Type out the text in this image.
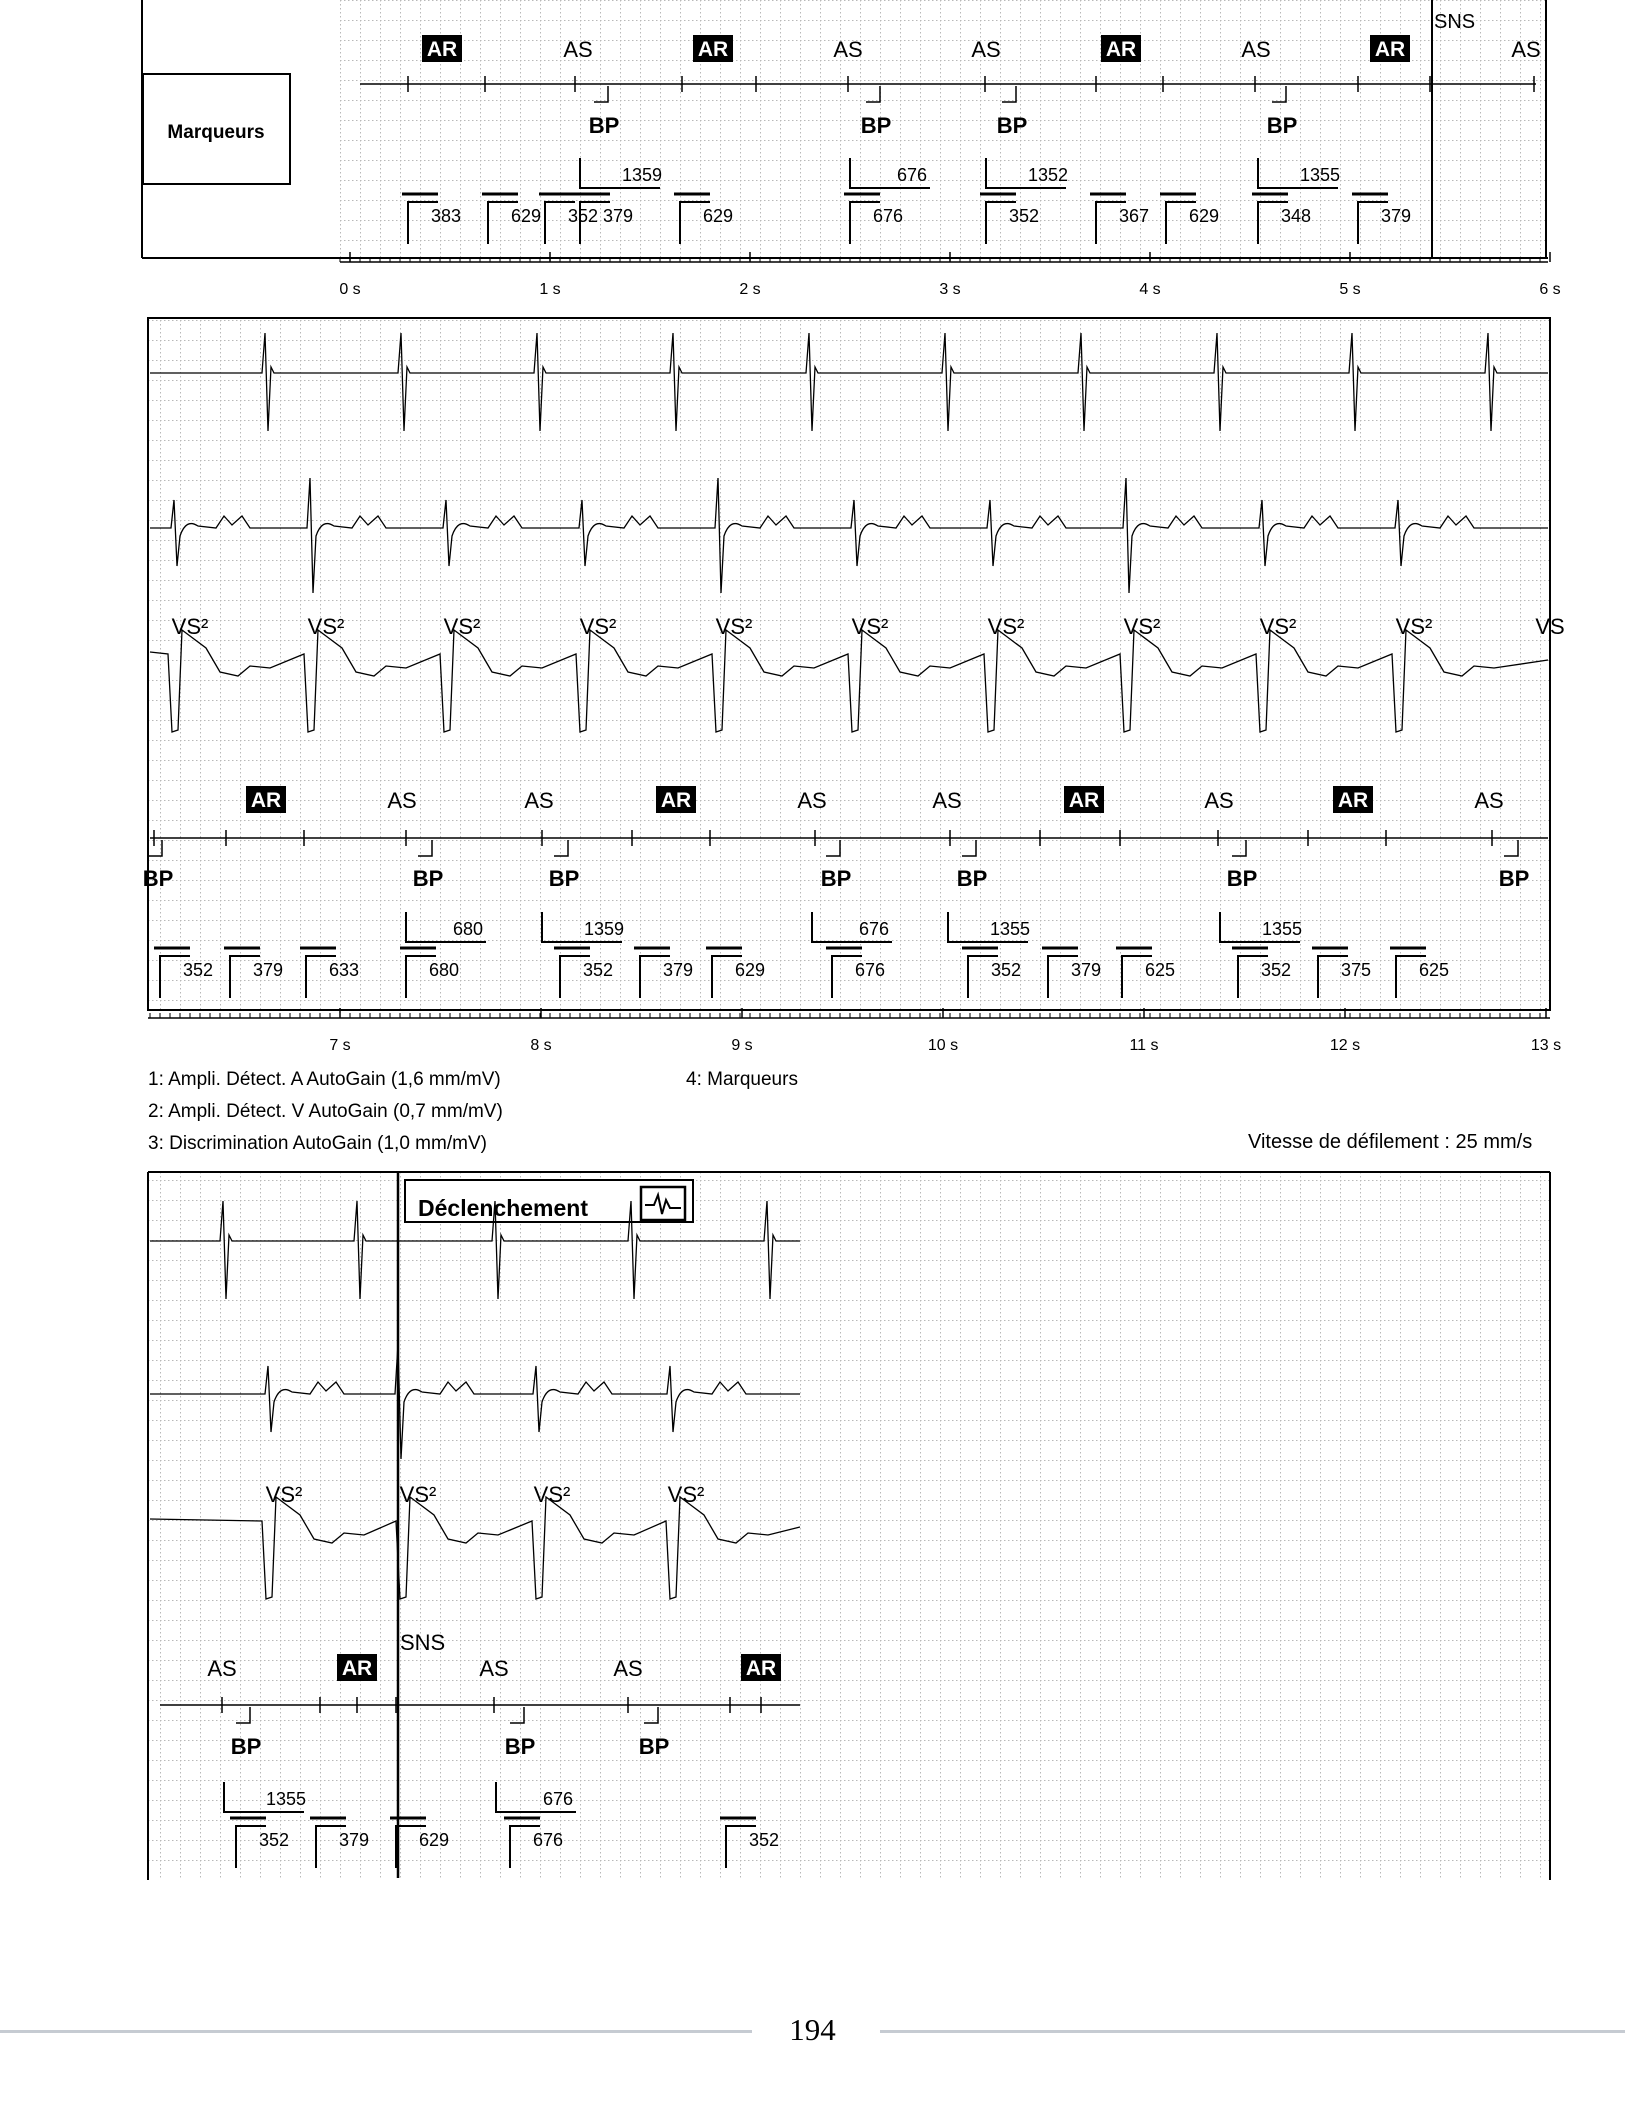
Marqueurs
SNS
AR	AS	AR	AS	AS	AR	AS	AR	AS
BP	BP	BP	BP
1359	676	1352	1355
383	629 352 379	629	676	352	367 629	348	379
0 s	1 s	2 s	3 s	4 s	5 s	6 s
AR	AS	AS	AR	AS	AS	AR	AS	AR	AS
BP	BP	BP	BP	BP	BP	BP
680	1359	676	1355	1355
352 379	633	680	352	379 629	676	352	379 625	352	375	625
VS²	VS²	VS²	VS²	VS²	VS²	VS²	VS²	VS²	VS²	VS
7 s	8 s	9 s	10 s	11 s	12 s	13 s
1: Ampli. Détect. A AutoGain (1,6 mm/mV)
2: Ampli. Détect. V AutoGain (0,7 mm/mV)
3: Discrimination AutoGain (1,0 mm/mV)
4: Marqueurs
Vitesse de défilement : 25 mm/s
Déclenchement
SNS
AS	AR	AS	AS	AR
BP	BP	BP
1355	676
352	379	629	676	352
VS²	VS²	VS²	VS²
194
